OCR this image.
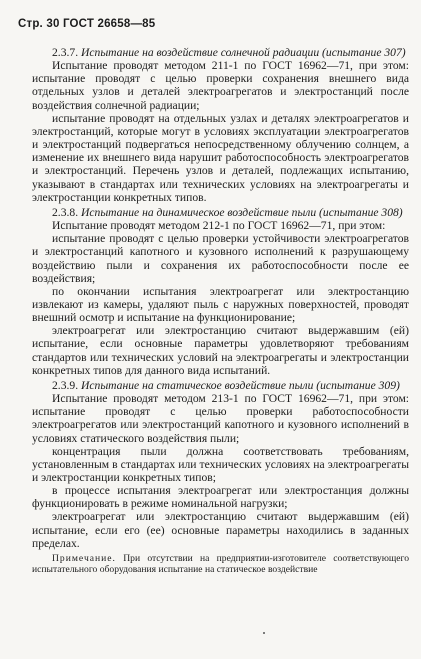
Стр. 30 ГОСТ 26658—85

2.3.7. Испытание на воздействие солнечной радиации (испытание 307)

Испытание проводят методом 211-1 по ГОСТ 16962—71, при этом: испытание проводят с целью проверки сохранения внешнего вида отдельных узлов и деталей электроагрегатов и электростанций после воздействия солнечной радиации;

испытание проводят на отдельных узлах и деталях электроагрегатов и электростанций, которые могут в условиях эксплуатации электроагрегатов и электростанций подвергаться непосредственному облучению солнцем, а изменение их внешнего вида нарушит работоспособность электроагрегатов и электростанций. Перечень узлов и деталей, подлежащих испытанию, указывают в стандартах или технических условиях на электроагрегаты и электростанции конкретных типов.

2.3.8. Испытание на динамическое воздействие пыли (испытание 308)

Испытание проводят методом 212-1 по ГОСТ 16962—71, при этом:

испытание проводят с целью проверки устойчивости электроагрегатов и электростанций капотного и кузовного исполнений к разрушающему воздействию пыли и сохранения их работоспособности после ее воздействия;

по окончании испытания электроагрегат или электростанцию извлекают из камеры, удаляют пыль с наружных поверхностей, проводят внешний осмотр и испытание на функционирование;

электроагрегат или электростанцию считают выдержавшим (ей) испытание, если основные параметры удовлетворяют требованиям стандартов или технических условий на электроагрегаты и электростанции конкретных типов для данного вида испытаний.

2.3.9. Испытание на статическое воздействие пыли (испытание 309)

Испытание проводят методом 213-1 по ГОСТ 16962—71, при этом: испытание проводят с целью проверки работоспособности электроагрегатов или электростанций капотного и кузовного исполнений в условиях статического воздействия пыли;

концентрация пыли должна соответствовать требованиям, установленным в стандартах или технических условиях на электроагрегаты и электростанции конкретных типов;

в процессе испытания электроагрегат или электростанция должны функционировать в режиме номинальной нагрузки;

электроагрегат или электростанцию считают выдержавшим (ей) испытание, если его (ее) основные параметры находились в заданных пределах.

Примечание. При отсутствии на предприятии-изготовителе соответствующего испытательного оборудования испытание на статическое воздействие
